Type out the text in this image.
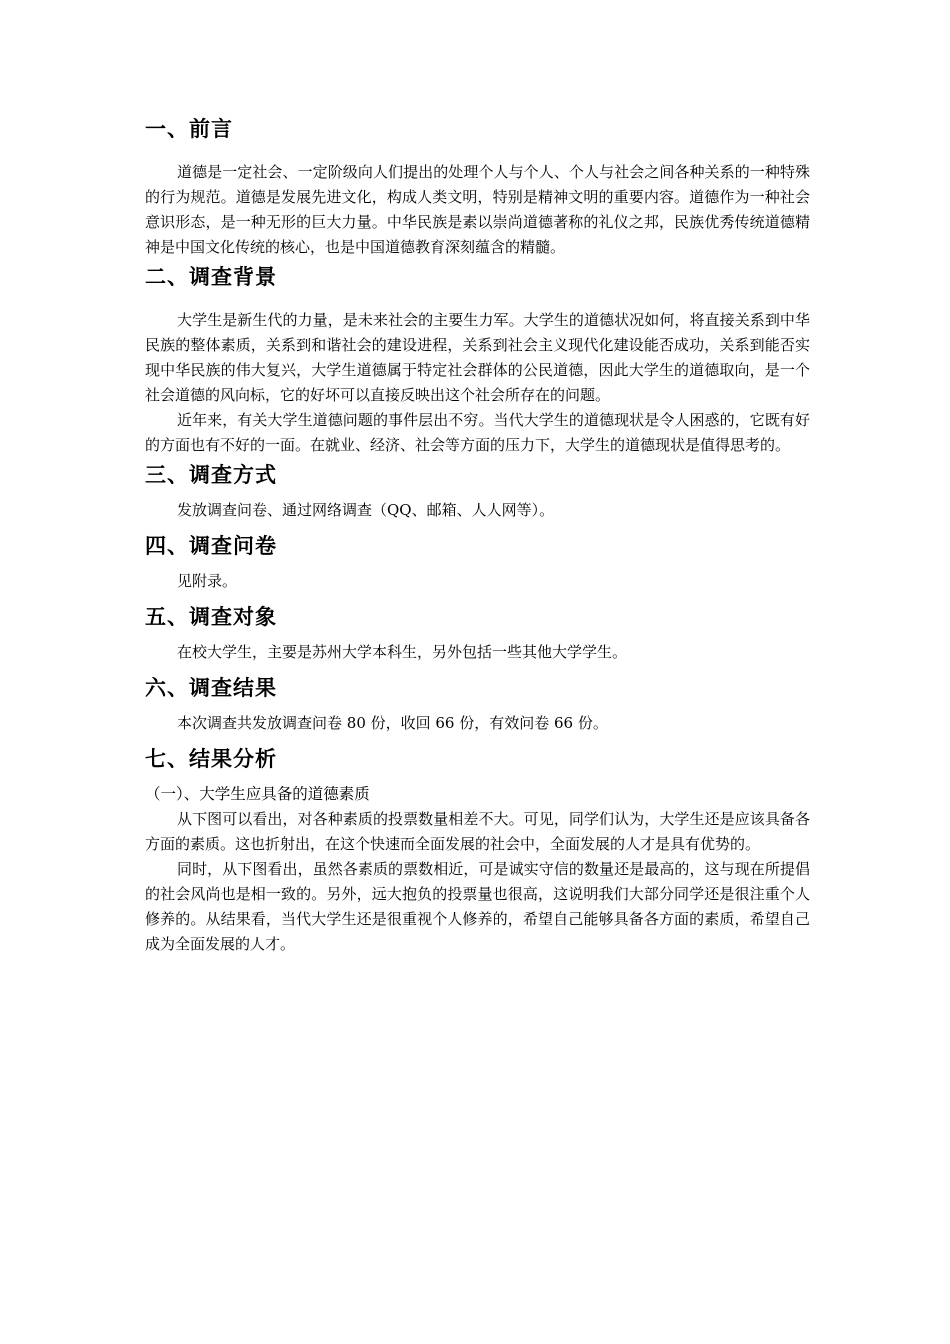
一、前言

道德是一定社会、一定阶级向人们提出的处理个人与个人、个人与社会之间各种关系的一种特殊的行为规范。道德是发展先进文化，构成人类文明，特别是精神文明的重要内容。道德作为一种社会意识形态，是一种无形的巨大力量。中华民族是素以崇尚道德著称的礼仪之邦，民族优秀传统道德精神是中国文化传统的核心，也是中国道德教育深刻蕴含的精髓。

二、调查背景

大学生是新生代的力量，是未来社会的主要生力军。大学生的道德状况如何，将直接关系到中华民族的整体素质，关系到和谐社会的建设进程，关系到社会主义现代化建设能否成功，关系到能否实现中华民族的伟大复兴，大学生道德属于特定社会群体的公民道德，因此大学生的道德取向，是一个社会道德的风向标，它的好坏可以直接反映出这个社会所存在的问题。

近年来，有关大学生道德问题的事件层出不穷。当代大学生的道德现状是令人困惑的，它既有好的方面也有不好的一面。在就业、经济、社会等方面的压力下，大学生的道德现状是值得思考的。

三、调查方式

发放调查问卷、通过网络调查（QQ、邮箱、人人网等）。

四、调查问卷

见附录。

五、调查对象

在校大学生，主要是苏州大学本科生，另外包括一些其他大学学生。

六、调查结果

本次调查共发放调查问卷 80 份，收回 66 份，有效问卷 66 份。

七、结果分析

（一）、大学生应具备的道德素质

从下图可以看出，对各种素质的投票数量相差不大。可见，同学们认为，大学生还是应该具备各方面的素质。这也折射出，在这个快速而全面发展的社会中，全面发展的人才是具有优势的。

同时，从下图看出，虽然各素质的票数相近，可是诚实守信的数量还是最高的，这与现在所提倡的社会风尚也是相一致的。另外，远大抱负的投票量也很高，这说明我们大部分同学还是很注重个人修养的。从结果看，当代大学生还是很重视个人修养的，希望自己能够具备各方面的素质，希望自己成为全面发展的人才。
